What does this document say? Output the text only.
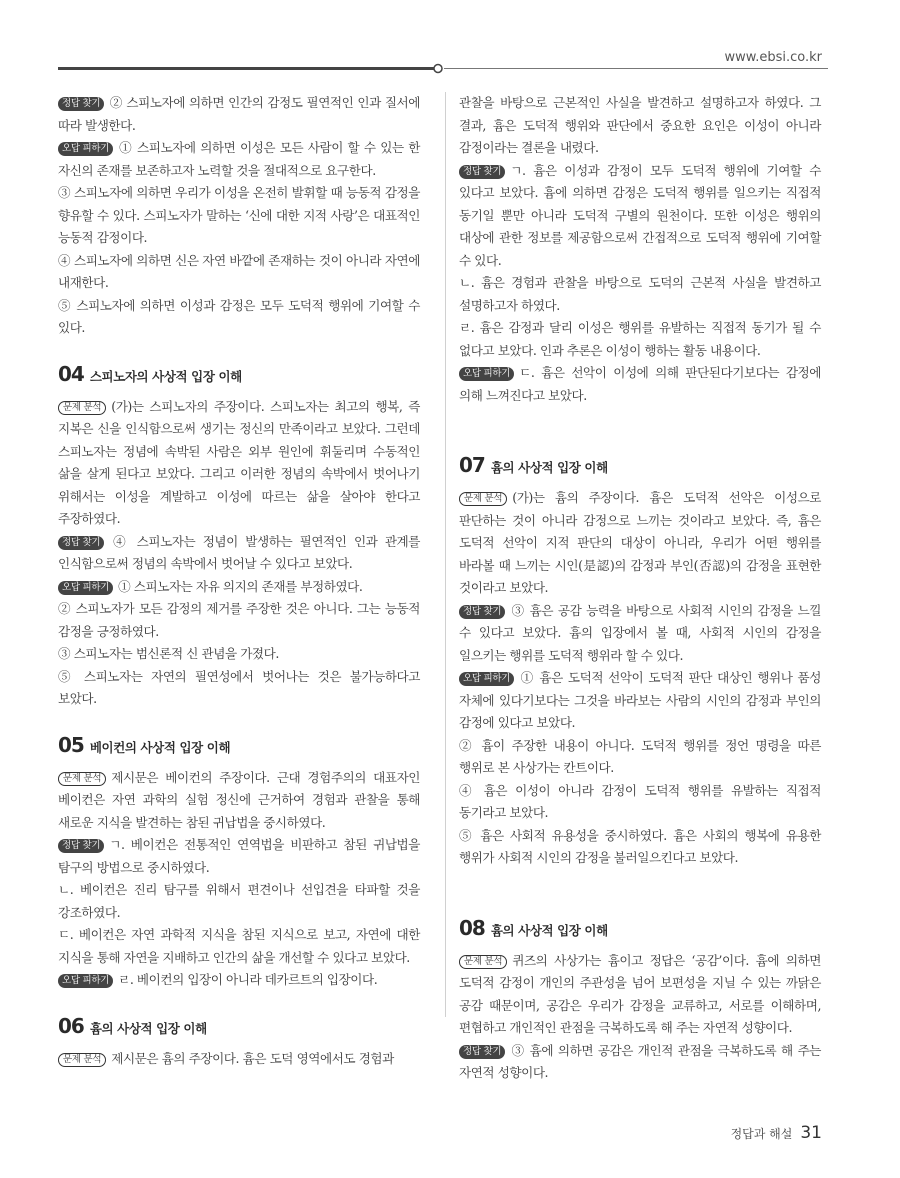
www.ebsi.co.kr

정답 찾기 ② 스피노자에 의하면 인간의 감정도 필연적인 인과 질서에 따라 발생한다.

오답 피하기 ① 스피노자에 의하면 이성은 모든 사람이 할 수 있는 한 자신의 존재를 보존하고자 노력할 것을 절대적으로 요구한다.

③ 스피노자에 의하면 우리가 이성을 온전히 발휘할 때 능동적 감정을 향유할 수 있다. 스피노자가 말하는 ‘신에 대한 지적 사랑’은 대표적인 능동적 감정이다.

④ 스피노자에 의하면 신은 자연 바깥에 존재하는 것이 아니라 자연에 내재한다.

⑤ 스피노자에 의하면 이성과 감정은 모두 도덕적 행위에 기여할 수 있다.

04 스피노자의 사상적 입장 이해

문제 분석 (가)는 스피노자의 주장이다. 스피노자는 최고의 행복, 즉 지복은 신을 인식함으로써 생기는 정신의 만족이라고 보았다. 그런데 스피노자는 정념에 속박된 사람은 외부 원인에 휘둘리며 수동적인 삶을 살게 된다고 보았다. 그리고 이러한 정념의 속박에서 벗어나기 위해서는 이성을 계발하고 이성에 따르는 삶을 살아야 한다고 주장하였다.

정답 찾기 ④ 스피노자는 정념이 발생하는 필연적인 인과 관계를 인식함으로써 정념의 속박에서 벗어날 수 있다고 보았다.

오답 피하기 ① 스피노자는 자유 의지의 존재를 부정하였다.

② 스피노자가 모든 감정의 제거를 주장한 것은 아니다. 그는 능동적 감정을 긍정하였다.

③ 스피노자는 범신론적 신 관념을 가졌다.

⑤ 스피노자는 자연의 필연성에서 벗어나는 것은 불가능하다고 보았다.

05 베이컨의 사상적 입장 이해

문제 분석 제시문은 베이컨의 주장이다. 근대 경험주의의 대표자인 베이컨은 자연 과학의 실험 정신에 근거하여 경험과 관찰을 통해 새로운 지식을 발견하는 참된 귀납법을 중시하였다.

정답 찾기 ㄱ. 베이컨은 전통적인 연역법을 비판하고 참된 귀납법을 탐구의 방법으로 중시하였다.

ㄴ. 베이컨은 진리 탐구를 위해서 편견이나 선입견을 타파할 것을 강조하였다.

ㄷ. 베이컨은 자연 과학적 지식을 참된 지식으로 보고, 자연에 대한 지식을 통해 자연을 지배하고 인간의 삶을 개선할 수 있다고 보았다.

오답 피하기 ㄹ. 베이컨의 입장이 아니라 데카르트의 입장이다.

06 흄의 사상적 입장 이해

문제 분석 제시문은 흄의 주장이다. 흄은 도덕 영역에서도 경험과

관찰을 바탕으로 근본적인 사실을 발견하고 설명하고자 하였다. 그 결과, 흄은 도덕적 행위와 판단에서 중요한 요인은 이성이 아니라 감정이라는 결론을 내렸다.

정답 찾기 ㄱ. 흄은 이성과 감정이 모두 도덕적 행위에 기여할 수 있다고 보았다. 흄에 의하면 감정은 도덕적 행위를 일으키는 직접적 동기일 뿐만 아니라 도덕적 구별의 원천이다. 또한 이성은 행위의 대상에 관한 정보를 제공함으로써 간접적으로 도덕적 행위에 기여할 수 있다.

ㄴ. 흄은 경험과 관찰을 바탕으로 도덕의 근본적 사실을 발견하고 설명하고자 하였다.

ㄹ. 흄은 감정과 달리 이성은 행위를 유발하는 직접적 동기가 될 수 없다고 보았다. 인과 추론은 이성이 행하는 활동 내용이다.

오답 피하기 ㄷ. 흄은 선악이 이성에 의해 판단된다기보다는 감정에 의해 느껴진다고 보았다.

07 흄의 사상적 입장 이해

문제 분석 (가)는 흄의 주장이다. 흄은 도덕적 선악은 이성으로 판단하는 것이 아니라 감정으로 느끼는 것이라고 보았다. 즉, 흄은 도덕적 선악이 지적 판단의 대상이 아니라, 우리가 어떤 행위를 바라볼 때 느끼는 시인(是認)의 감정과 부인(否認)의 감정을 표현한 것이라고 보았다.

정답 찾기 ③ 흄은 공감 능력을 바탕으로 사회적 시인의 감정을 느낄 수 있다고 보았다. 흄의 입장에서 볼 때, 사회적 시인의 감정을 일으키는 행위를 도덕적 행위라 할 수 있다.

오답 피하기 ① 흄은 도덕적 선악이 도덕적 판단 대상인 행위나 품성 자체에 있다기보다는 그것을 바라보는 사람의 시인의 감정과 부인의 감정에 있다고 보았다.

② 흄이 주장한 내용이 아니다. 도덕적 행위를 정언 명령을 따른 행위로 본 사상가는 칸트이다.

④ 흄은 이성이 아니라 감정이 도덕적 행위를 유발하는 직접적 동기라고 보았다.

⑤ 흄은 사회적 유용성을 중시하였다. 흄은 사회의 행복에 유용한 행위가 사회적 시인의 감정을 불러일으킨다고 보았다.

08 흄의 사상적 입장 이해

문제 분석 퀴즈의 사상가는 흄이고 정답은 ‘공감’이다. 흄에 의하면 도덕적 감정이 개인의 주관성을 넘어 보편성을 지닐 수 있는 까닭은 공감 때문이며, 공감은 우리가 감정을 교류하고, 서로를 이해하며, 편협하고 개인적인 관점을 극복하도록 해 주는 자연적 성향이다.

정답 찾기 ③ 흄에 의하면 공감은 개인적 관점을 극복하도록 해 주는 자연적 성향이다.

정답과 해설 31
